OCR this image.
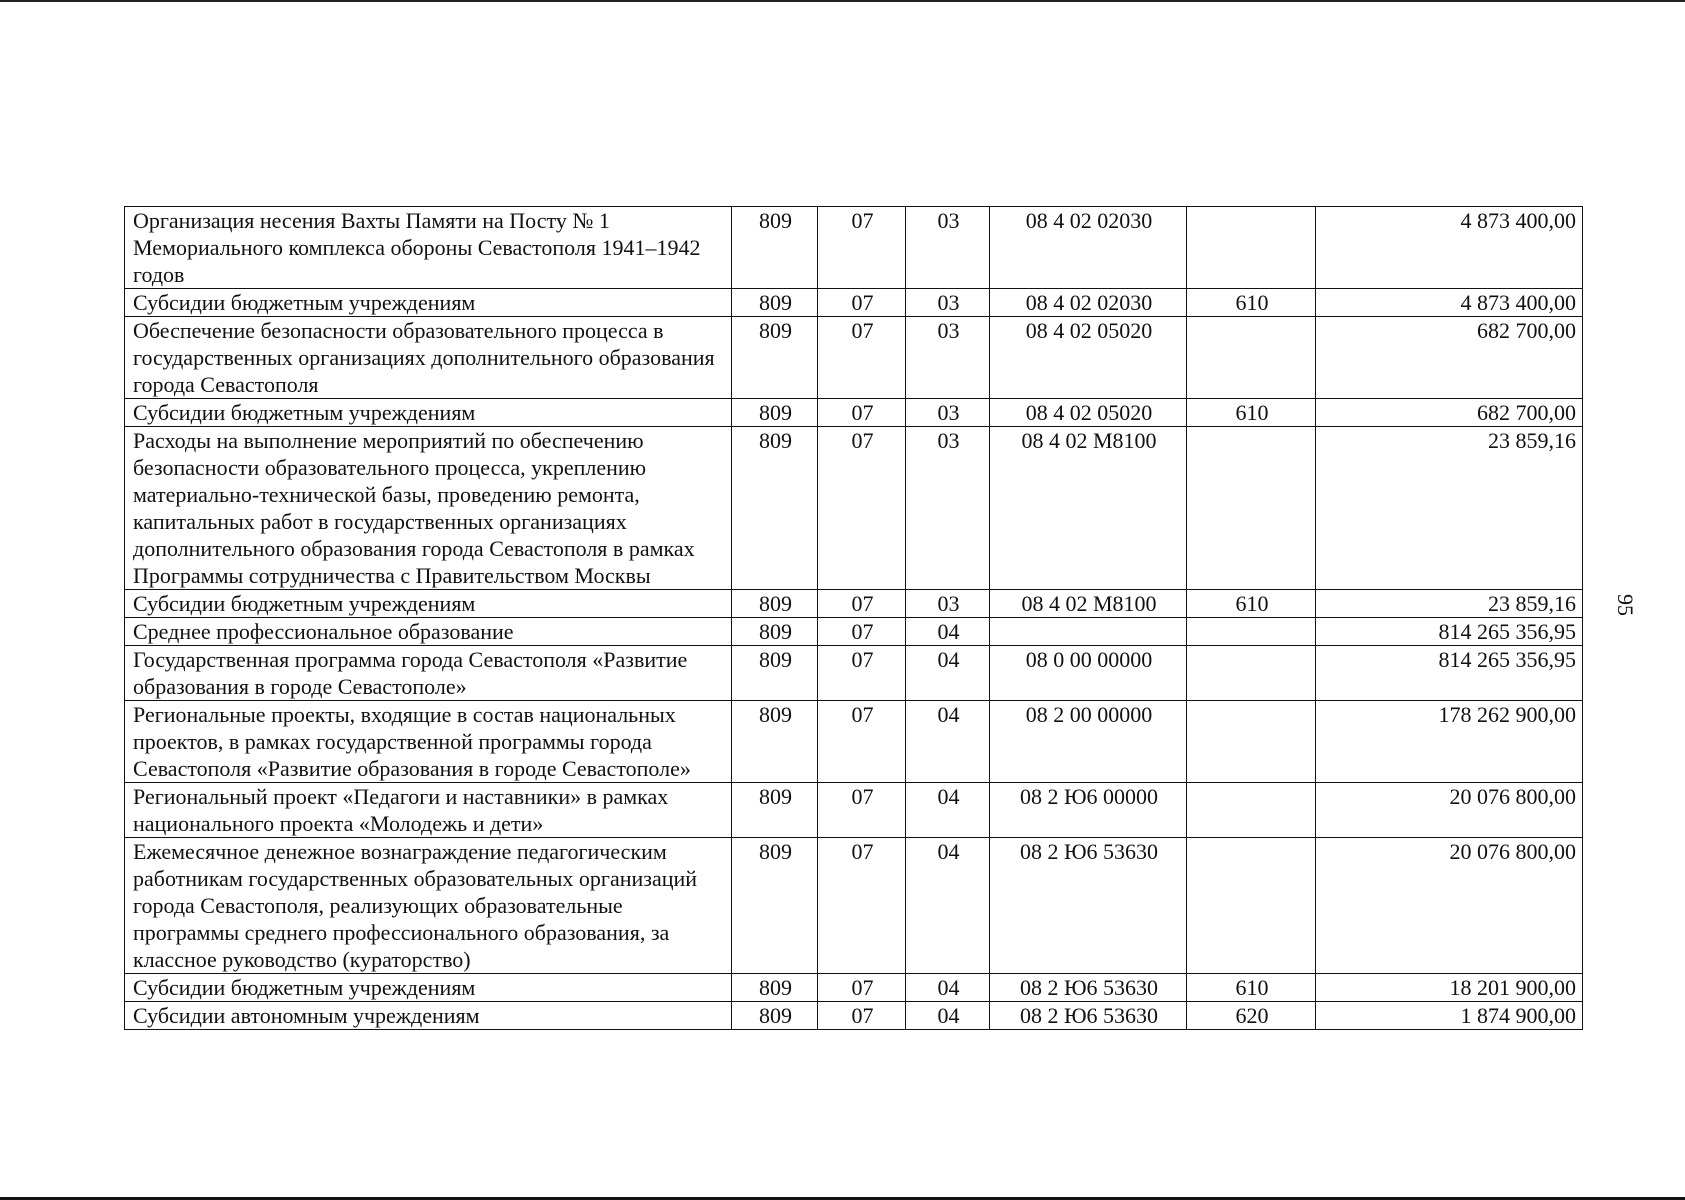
Организация несения Вахты Памяти на Посту № 1 Мемориального комплекса обороны Севастополя 1941–1942 годов	809	07	03	08 4 02 02030		4 873 400,00
Субсидии бюджетным учреждениям	809	07	03	08 4 02 02030	610	4 873 400,00
Обеспечение безопасности образовательного процесса в государственных организациях дополнительного образования города Севастополя	809	07	03	08 4 02 05020		682 700,00
Субсидии бюджетным учреждениям	809	07	03	08 4 02 05020	610	682 700,00
Расходы на выполнение мероприятий по обеспечению безопасности образовательного процесса, укреплению материально-технической базы, проведению ремонта, капитальных работ в государственных организациях дополнительного образования города Севастополя в рамках Программы сотрудничества с Правительством Москвы	809	07	03	08 4 02 М8100		23 859,16
Субсидии бюджетным учреждениям	809	07	03	08 4 02 М8100	610	23 859,16
Среднее профессиональное образование	809	07	04			814 265 356,95
Государственная программа города Севастополя «Развитие образования в городе Севастополе»	809	07	04	08 0 00 00000		814 265 356,95
Региональные проекты, входящие в состав национальных проектов, в рамках государственной программы города Севастополя «Развитие образования в городе Севастополе»	809	07	04	08 2 00 00000		178 262 900,00
Региональный проект «Педагоги и наставники» в рамках национального проекта «Молодежь и дети»	809	07	04	08 2 Ю6 00000		20 076 800,00
Ежемесячное денежное вознаграждение педагогическим работникам государственных образовательных организаций города Севастополя, реализующих образовательные программы среднего профессионального образования, за классное руководство (кураторство)	809	07	04	08 2 Ю6 53630		20 076 800,00
Субсидии бюджетным учреждениям	809	07	04	08 2 Ю6 53630	610	18 201 900,00
Субсидии автономным учреждениям	809	07	04	08 2 Ю6 53630	620	1 874 900,00
95
